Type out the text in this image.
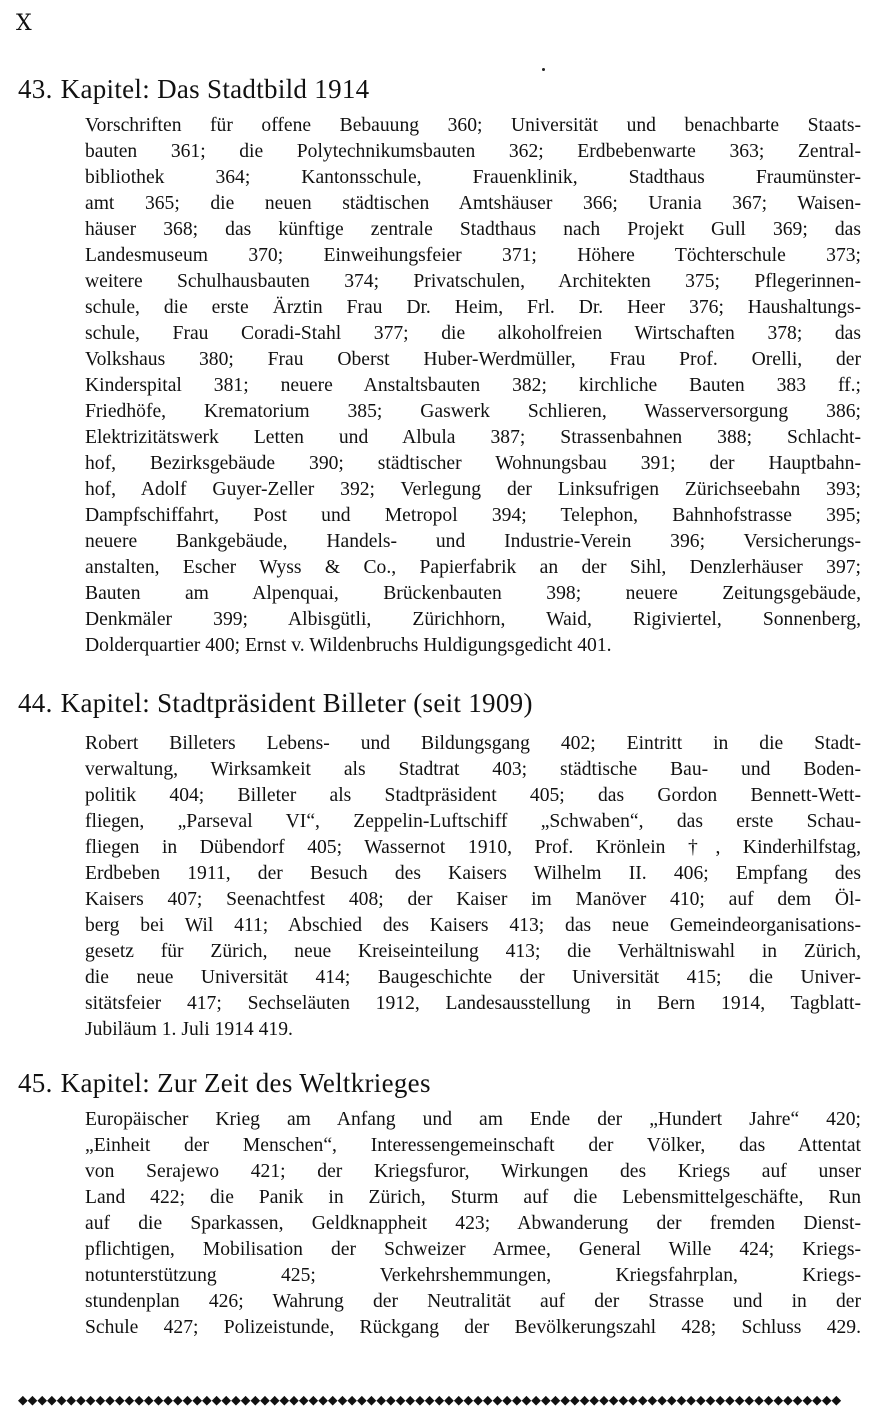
X
43. Kapitel: Das Stadtbild 1914
Vorschriften für offene Bebauung 360; Universität und benachbarte Staats-
bauten 361; die Polytechnikumsbauten 362; Erdbebenwarte 363; Zentral-
bibliothek 364; Kantonsschule, Frauenklinik, Stadthaus Fraumünster-
amt 365; die neuen städtischen Amtshäuser 366; Urania 367; Waisen-
häuser 368; das künftige zentrale Stadthaus nach Projekt Gull 369; das
Landesmuseum 370; Einweihungsfeier 371; Höhere Töchterschule 373;
weitere Schulhausbauten 374; Privatschulen, Architekten 375; Pflegerinnen-
schule, die erste Ärztin Frau Dr. Heim, Frl. Dr. Heer 376; Haushaltungs-
schule, Frau Coradi-Stahl 377; die alkoholfreien Wirtschaften 378; das
Volkshaus 380; Frau Oberst Huber-Werdmüller, Frau Prof. Orelli, der
Kinderspital 381; neuere Anstaltsbauten 382; kirchliche Bauten 383 ff.;
Friedhöfe, Krematorium 385; Gaswerk Schlieren, Wasserversorgung 386;
Elektrizitätswerk Letten und Albula 387; Strassenbahnen 388; Schlacht-
hof, Bezirksgebäude 390; städtischer Wohnungsbau 391; der Hauptbahn-
hof, Adolf Guyer-Zeller 392; Verlegung der Linksufrigen Zürichseebahn 393;
Dampfschiffahrt, Post und Metropol 394; Telephon, Bahnhofstrasse 395;
neuere Bankgebäude, Handels- und Industrie-Verein 396; Versicherungs-
anstalten, Escher Wyss & Co., Papierfabrik an der Sihl, Denzlerhäuser 397;
Bauten am Alpenquai, Brückenbauten 398; neuere Zeitungsgebäude,
Denkmäler 399; Albisgütli, Zürichhorn, Waid, Rigiviertel, Sonnenberg,
Dolderquartier 400; Ernst v. Wildenbruchs Huldigungsgedicht 401.
44. Kapitel: Stadtpräsident Billeter (seit 1909)
Robert Billeters Lebens- und Bildungsgang 402; Eintritt in die Stadt-
verwaltung, Wirksamkeit als Stadtrat 403; städtische Bau- und Boden-
politik 404; Billeter als Stadtpräsident 405; das Gordon Bennett-Wett-
fliegen, „Parseval VI“, Zeppelin-Luftschiff „Schwaben“, das erste Schau-
fliegen in Dübendorf 405; Wassernot 1910, Prof. Krönlein †, Kinderhilfstag,
Erdbeben 1911, der Besuch des Kaisers Wilhelm II. 406; Empfang des
Kaisers 407; Seenachtfest 408; der Kaiser im Manöver 410; auf dem Öl-
berg bei Wil 411; Abschied des Kaisers 413; das neue Gemeindeorganisations-
gesetz für Zürich, neue Kreiseinteilung 413; die Verhältniswahl in Zürich,
die neue Universität 414; Baugeschichte der Universität 415; die Univer-
sitätsfeier 417; Sechseläuten 1912, Landesausstellung in Bern 1914, Tagblatt-
Jubiläum 1. Juli 1914 419.
45. Kapitel: Zur Zeit des Weltkrieges
Europäischer Krieg am Anfang und am Ende der „Hundert Jahre“ 420;
„Einheit der Menschen“, Interessengemeinschaft der Völker, das Attentat
von Serajewo 421; der Kriegsfuror, Wirkungen des Kriegs auf unser
Land 422; die Panik in Zürich, Sturm auf die Lebensmittelgeschäfte, Run
auf die Sparkassen, Geldknappheit 423; Abwanderung der fremden Dienst-
pflichtigen, Mobilisation der Schweizer Armee, General Wille 424; Kriegs-
notunterstützung 425; Verkehrshemmungen, Kriegsfahrplan, Kriegs-
stundenplan 426; Wahrung der Neutralität auf der Strasse und in der
Schule 427; Polizeistunde, Rückgang der Bevölkerungszahl 428; Schluss 429.
◆◆◆◆◆◆◆◆◆◆◆◆◆◆◆◆◆◆◆◆◆◆◆◆◆◆◆◆◆◆◆◆◆◆◆◆◆◆◆◆◆◆◆◆◆◆◆◆◆◆◆◆◆◆◆◆◆◆◆◆◆◆◆◆◆◆◆◆◆◆◆◆◆◆◆◆◆◆◆◆◆◆◆◆◆
